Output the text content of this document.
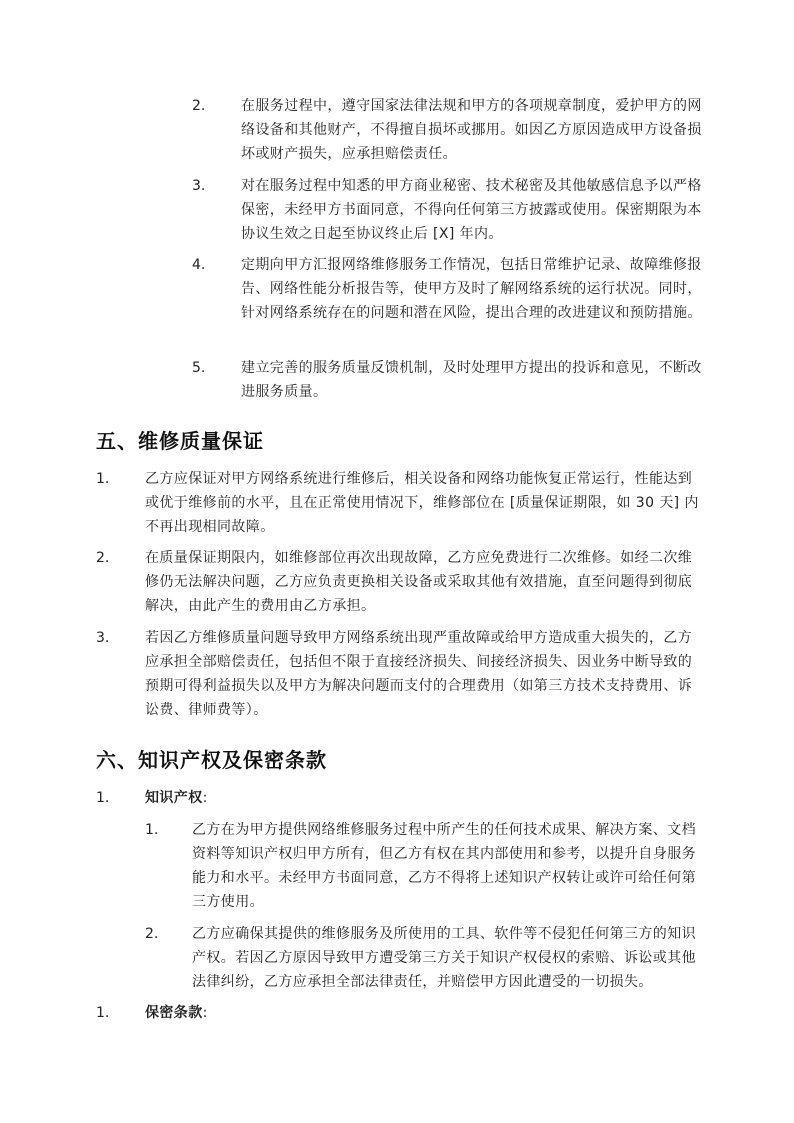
2.	在服务过程中，遵守国家法律法规和甲方的各项规章制度，爱护甲方的网络设备和其他财产，不得擅自损坏或挪用。如因乙方原因造成甲方设备损坏或财产损失，应承担赔偿责任。
3.	对在服务过程中知悉的甲方商业秘密、技术秘密及其他敏感信息予以严格保密，未经甲方书面同意，不得向任何第三方披露或使用。保密期限为本协议生效之日起至协议终止后 [X] 年内。
4.	定期向甲方汇报网络维修服务工作情况，包括日常维护记录、故障维修报告、网络性能分析报告等，使甲方及时了解网络系统的运行状况。同时，针对网络系统存在的问题和潜在风险，提出合理的改进建议和预防措施。
5.	建立完善的服务质量反馈机制，及时处理甲方提出的投诉和意见，不断改进服务质量。
五、维修质量保证
1.	乙方应保证对甲方网络系统进行维修后，相关设备和网络功能恢复正常运行，性能达到或优于维修前的水平，且在正常使用情况下，维修部位在 [质量保证期限，如 30 天] 内不再出现相同故障。
2.	在质量保证期限内，如维修部位再次出现故障，乙方应免费进行二次维修。如经二次维修仍无法解决问题，乙方应负责更换相关设备或采取其他有效措施，直至问题得到彻底解决，由此产生的费用由乙方承担。
3.	若因乙方维修质量问题导致甲方网络系统出现严重故障或给甲方造成重大损失的，乙方应承担全部赔偿责任，包括但不限于直接经济损失、间接经济损失、因业务中断导致的预期可得利益损失以及甲方为解决问题而支付的合理费用（如第三方技术支持费用、诉讼费、律师费等）。
六、知识产权及保密条款
1.	知识产权:
1. 乙方在为甲方提供网络维修服务过程中所产生的任何技术成果、解决方案、文档资料等知识产权归甲方所有，但乙方有权在其内部使用和参考，以提升自身服务能力和水平。未经甲方书面同意，乙方不得将上述知识产权转让或许可给任何第三方使用。
2. 乙方应确保其提供的维修服务及所使用的工具、软件等不侵犯任何第三方的知识产权。若因乙方原因导致甲方遭受第三方关于知识产权侵权的索赔、诉讼或其他法律纠纷，乙方应承担全部法律责任，并赔偿甲方因此遭受的一切损失。
1.	保密条款:
